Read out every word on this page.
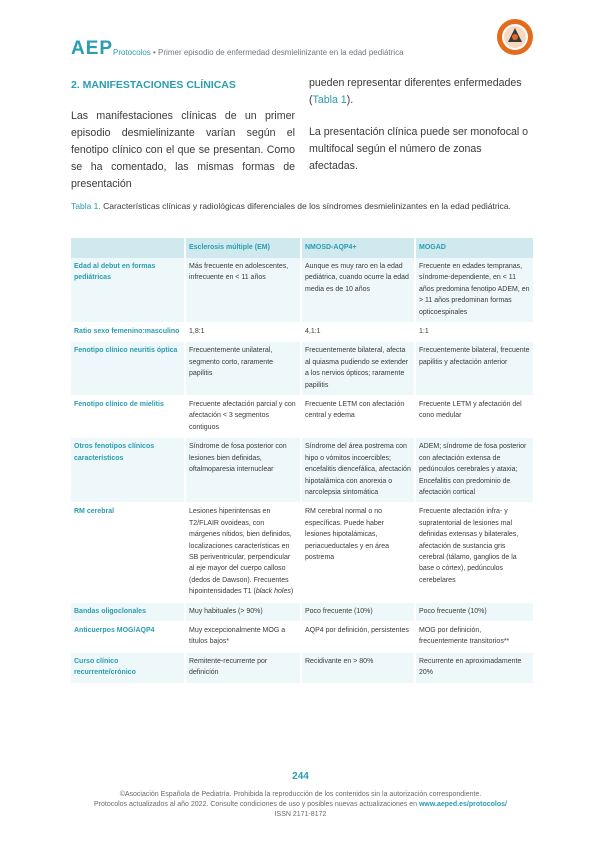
AEP Protocolos • Primer episodio de enfermedad desmielinizante en la edad pediátrica
2. MANIFESTACIONES CLÍNICAS
Las manifestaciones clínicas de un primer episodio desmielinizante varían según el fenotipo clínico con el que se presentan. Como se ha comentado, las mismas formas de presentación

pueden representar diferentes enfermedades (Tabla 1).

La presentación clínica puede ser monofocal o multifocal según el número de zonas afectadas.

Tabla 1. Características clínicas y radiológicas diferenciales de los síndromes desmielinizantes en la edad pediátrica.
	Esclerosis múltiple (EM)	NMOSD-AQP4+	MOGAD
Edad al debut en formas pediátricas	Más frecuente en adolescentes, infrecuente en < 11 años	Aunque es muy raro en la edad pediátrica, cuando ocurre la edad media es de 10 años	Frecuente en edades tempranas, síndrome-dependiente, en < 11 años predomina fenotipo ADEM, en > 11 años predominan formas opticoespinales
Ratio sexo femenino:masculino	1,8:1	4,1:1	1:1
Fenotipo clínico neuritis óptica	Frecuentemente unilateral, segmento corto, raramente papilitis	Frecuentemente bilateral, afecta al quiasma pudiendo se extender a los nervios ópticos; raramente papilitis	Frecuentemente bilateral, frecuente papilitis y afectación anterior
Fenotipo clínico de mielitis	Frecuente afectación parcial y con afectación < 3 segmentos contiguos	Frecuente LETM con afectación central y edema	Frecuente LETM y afectación del cono medular
Otros fenotipos clínicos característicos	Síndrome de fosa posterior con lesiones bien definidas, oftalmoparesia internuclear	Síndrome del área postrema con hipo o vómitos incoercibles; encefalitis diencefálica, afectación hipotalámica con anorexia o narcolepsia sintomática	ADEM; síndrome de fosa posterior con afectación extensa de pedúnculos cerebrales y ataxia; Encefalitis con predominio de afectación cortical
RM cerebral	Lesiones hiperintensas en T2/FLAIR ovoideas, con márgenes nítidos, bien definidos, localizaciones características en SB periventricular, perpendicular al eje mayor del cuerpo calloso (dedos de Dawson). Frecuentes hipointensidades T1 (black holes)	RM cerebral normal o no específicas. Puede haber lesiones hipotalámicas, periacueductales y en área postrema	Frecuente afectación infra- y supratentorial de lesiones mal definidas extensas y bilaterales, afectación de sustancia gris cerebral (tálamo, ganglios de la base o córtex), pedúnculos cerebelares
Bandas oligoclonales	Muy habituales (> 90%)	Poco frecuente (10%)	Poco frecuente (10%)
Anticuerpos MOG/AQP4	Muy excepcionalmente MOG a títulos bajos*	AQP4 por definición, persistentes	MOG por definición, frecuentemente transitorios**
Curso clínico recurrente/crónico	Remitente-recurrente por definición	Recidivante en > 80%	Recurrente en aproximadamente 20%
244
©Asociación Española de Pediatría. Prohibida la reproducción de los contenidos sin la autorización correspondiente.
Protocolos actualizados al año 2022. Consulte condiciones de uso y posibles nuevas actualizaciones en www.aeped.es/protocolos/
ISSN 2171-8172
